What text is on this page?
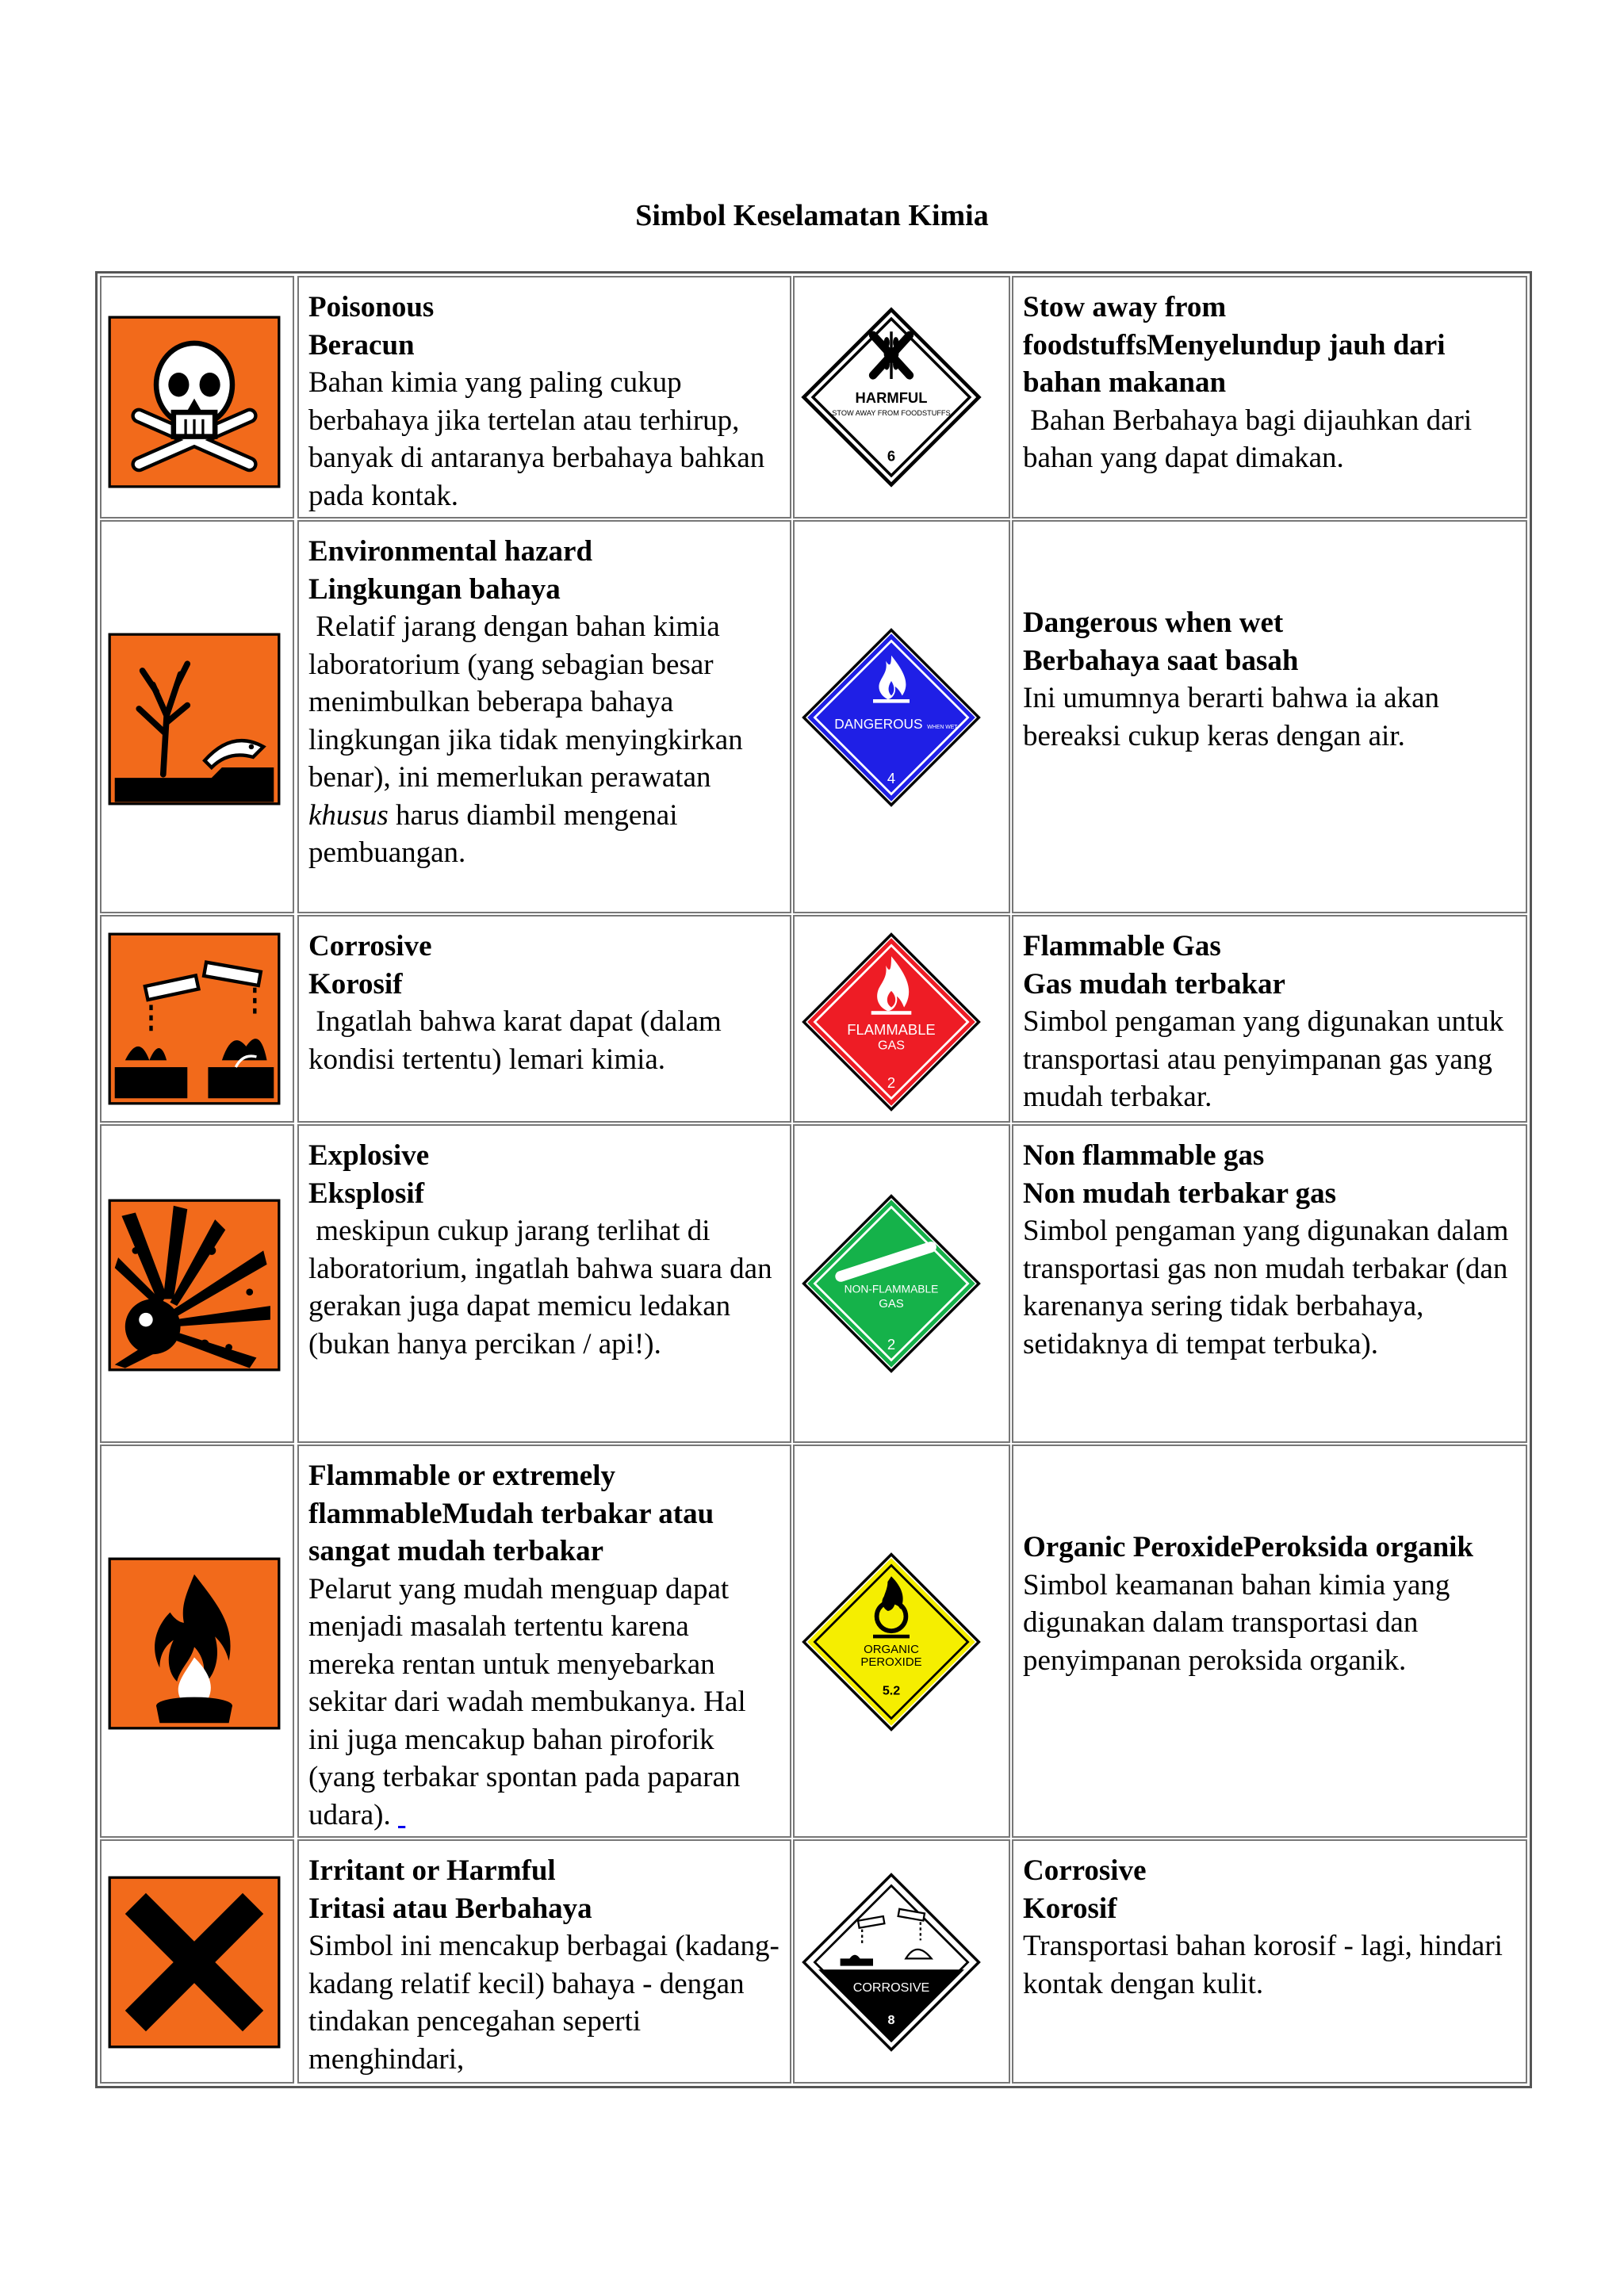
Simbol Keselamatan Kimia
Poisonous
Beracun
Bahan kimia yang paling cukup berbahaya jika tertelan atau terhirup, banyak di antaranya berbahaya bahkan pada kontak.
HARMFUL
STOW AWAY FROM FOODSTUFFS
6
Stow away from foodstuffsMenyelundup jauh dari bahan makanan
Bahan Berbahaya bagi dijauhkan dari bahan yang dapat dimakan.
Environmental hazard
Lingkungan bahaya
Relatif jarang dengan bahan kimia laboratorium (yang sebagian besar menimbulkan beberapa bahaya lingkungan jika tidak menyingkirkan benar), ini memerlukan perawatan khusus harus diambil mengenai pembuangan.
DANGEROUS WHEN WET
4
Dangerous when wet
Berbahaya saat basah
Ini umumnya berarti bahwa ia akan bereaksi cukup keras dengan air.
Corrosive
Korosif
Ingatlah bahwa karat dapat (dalam kondisi tertentu) lemari kimia.
FLAMMABLE
GAS
2
Flammable Gas
Gas mudah terbakar
Simbol pengaman yang digunakan untuk transportasi atau penyimpanan gas yang mudah terbakar.
Explosive
Eksplosif
meskipun cukup jarang terlihat di laboratorium, ingatlah bahwa suara dan gerakan juga dapat memicu ledakan (bukan hanya percikan / api!).
NON-FLAMMABLE
GAS
2
Non flammable gas
Non mudah terbakar gas
Simbol pengaman yang digunakan dalam transportasi gas non mudah terbakar (dan karenanya sering tidak berbahaya, setidaknya di tempat terbuka).
Flammable or extremely flammableMudah terbakar atau sangat mudah terbakar
Pelarut yang mudah menguap dapat menjadi masalah tertentu karena mereka rentan untuk menyebarkan sekitar dari wadah membukanya. Hal ini juga mencakup bahan piroforik (yang terbakar spontan pada paparan udara).
ORGANIC
PEROXIDE
5.2
Organic PeroxidePeroksida organik
Simbol keamanan bahan kimia yang digunakan dalam transportasi dan penyimpanan peroksida organik.
Irritant or Harmful
Iritasi atau Berbahaya
Simbol ini mencakup berbagai (kadang-kadang relatif kecil) bahaya - dengan tindakan pencegahan seperti menghindari,
CORROSIVE
8
Corrosive
Korosif
Transportasi bahan korosif - lagi, hindari kontak dengan kulit.
